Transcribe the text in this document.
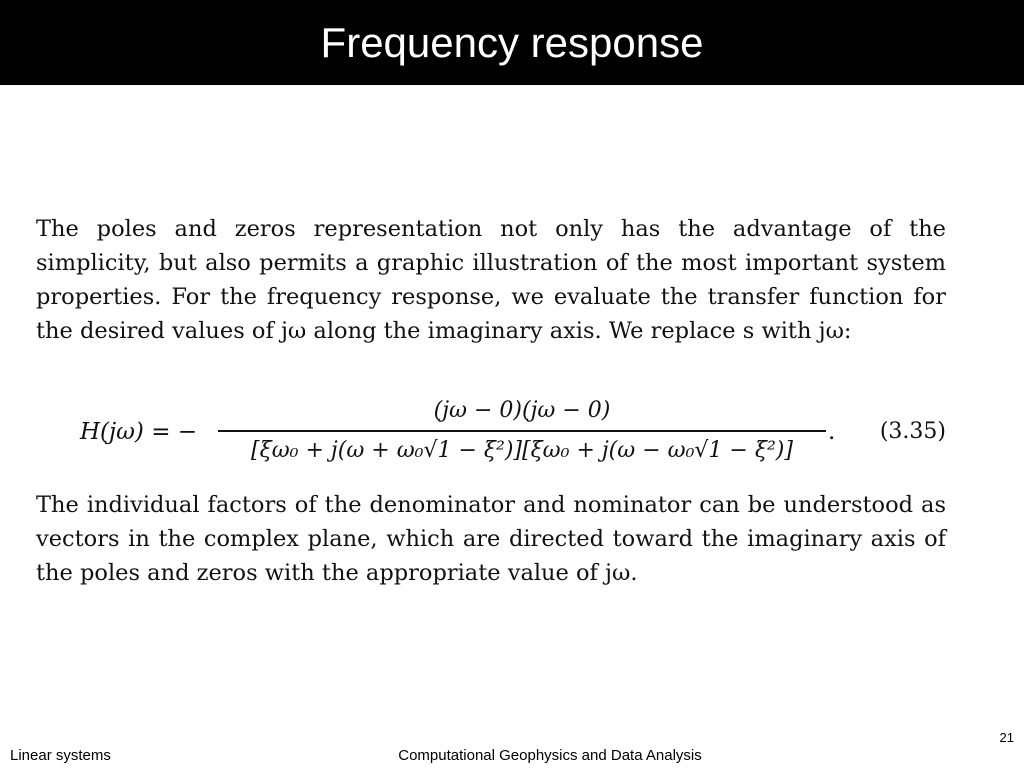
Frequency response

The poles and zeros representation not only has the advantage of the simplicity, but also permits a graphic illustration of the most important system properties. For the frequency response, we evaluate the transfer function for the desired values of jω along the imaginary axis. We replace s with jω:

H(jω) = −
(jω − 0)(jω − 0)
[ξω₀ + j(ω + ω₀√1 − ξ²)][ξω₀ + j(ω − ω₀√1 − ξ²)]
. (3.35)

The individual factors of the denominator and nominator can be understood as vectors in the complex plane, which are directed toward the imaginary axis of the poles and zeros with the appropriate value of jω.

Linear systems	Computational Geophysics and Data Analysis
21
